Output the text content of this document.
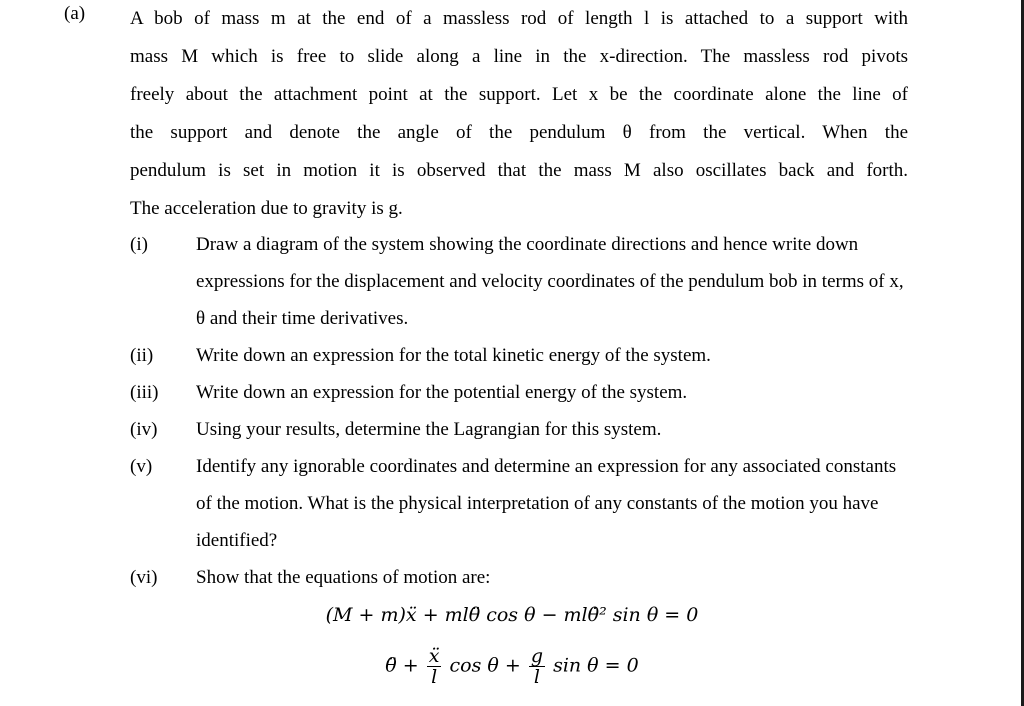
(a) A bob of mass m at the end of a massless rod of length l is attached to a support with
mass M which is free to slide along a line in the x-direction. The massless rod pivots
freely about the attachment point at the support. Let x be the coordinate alone the line of
the support and denote the angle of the pendulum θ from the vertical. When the
pendulum is set in motion it is observed that the mass M also oscillates back and forth.
The acceleration due to gravity is g.
(i)	Draw a diagram of the system showing the coordinate directions and hence write down expressions for the displacement and velocity coordinates of the pendulum bob in terms of x, θ and their time derivatives.
(ii)	Write down an expression for the total kinetic energy of the system.
(iii)	Write down an expression for the potential energy of the system.
(iv)	Using your results, determine the Lagrangian for this system.
(v)	Identify any ignorable coordinates and determine an expression for any associated constants of the motion. What is the physical interpretation of any constants of the motion you have identified?
(vi)	Show that the equations of motion are:
(M + m)ẍ + mlθ̈ cos θ − mlθ̇² sin θ = 0
θ̈ + $\frac{\text{ẍ}}{l}$ $\cos \theta + \frac{g}{l}$ sin θ = 0
